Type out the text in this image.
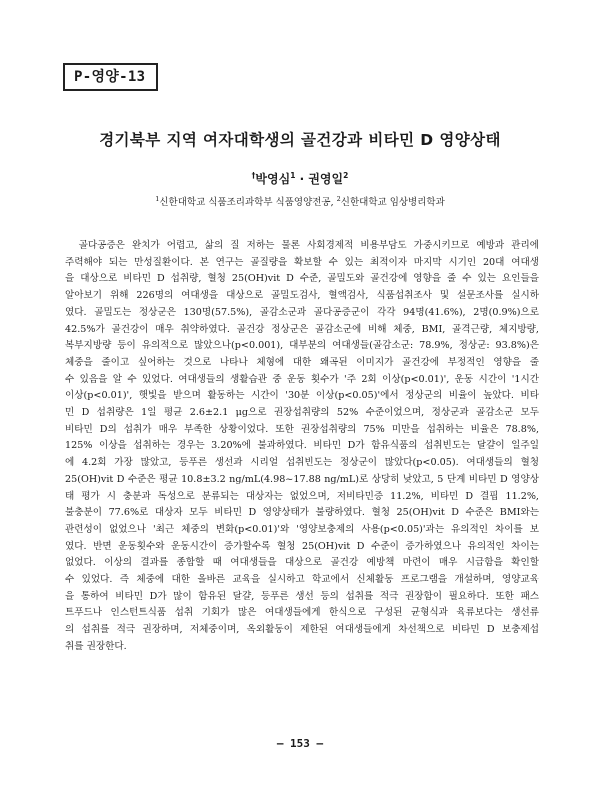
P-영양-13
경기북부 지역 여자대학생의 골건강과 비타민 D 영양상태
†박영심$^1$ · 권영일$^2$
$^1$신한대학교 식품조리과학부 식품영양전공, $^2$신한대학교 임상병리학과

　골다공증은 완치가 어렵고, 삶의 질 저하는 물론 사회경제적 비용부담도 가중시키므로 예방과 관리에
주력해야 되는 만성질환이다. 본 연구는 골질량을 확보할 수 있는 최적이자 마지막 시기인 20대 여대생
을 대상으로 비타민 D 섭취량, 혈청 25(OH)vit D 수준, 골밀도와 골건강에 영향을 줄 수 있는 요인들을
알아보기 위해 226명의 여대생을 대상으로 골밀도검사, 혈액검사, 식품섭취조사 및 설문조사를 실시하
였다. 골밀도는 정상군은 130명(57.5%), 골감소군과 골다공증군이 각각 94명(41.6%), 2명(0.9%)으로
42.5%가 골건강이 매우 취약하였다. 골건강 정상군은 골감소군에 비해 체중, BMI, 골격근량, 체지방량,
복부지방량 등이 유의적으로 많았으나(p<0.001), 대부분의 여대생들(골감소군: 78.9%, 정상군: 93.8%)은
체중을 줄이고 싶어하는 것으로 나타나 체형에 대한 왜곡된 이미지가 골건강에 부정적인 영향을 줄
수 있음을 알 수 있었다. 여대생들의 생활습관 중 운동 횟수가 '주 2회 이상(p<0.01)', 운동 시간이 '1시간
이상(p<0.01)', 햇빛을 받으며 활동하는 시간이 '30분 이상(p<0.05)'에서 정상군의 비율이 높았다. 비타
민 D 섭취량은 1일 평균 2.6±2.1 μg으로 권장섭취량의 52% 수준이었으며, 정상군과 골감소군 모두
비타민 D의 섭취가 매우 부족한 상황이었다. 또한 권장섭취량의 75% 미만을 섭취하는 비율은 78.8%,
125% 이상을 섭취하는 경우는 3.20%에 불과하였다. 비타민 D가 함유식품의 섭취빈도는 달걀이 일주일
에 4.2회 가장 많았고, 등푸른 생선과 시리얼 섭취빈도는 정상군이 많았다(p<0.05). 여대생들의 혈청
25(OH)vit D 수준은 평균 10.8±3.2 ng/mL(4.98~17.88 ng/mL)로 상당히 낮았고, 5 단계 비타민 D 영양상
태 평가 시 충분과 독성으로 분류되는 대상자는 없었으며, 저비타민증 11.2%, 비타민 D 결핍 11.2%,
불충분이 77.6%로 대상자 모두 비타민 D 영양상태가 불량하였다. 혈청 25(OH)vit D 수준은 BMI와는
관련성이 없었으나 '최근 체중의 변화(p<0.01)'와 '영양보충제의 사용(p<0.05)'과는 유의적인 차이를 보
였다. 반면 운동횟수와 운동시간이 증가할수록 혈청 25(OH)vit D 수준이 증가하였으나 유의적인 차이는
없었다. 이상의 결과를 종합할 때 여대생들을 대상으로 골건강 예방책 마련이 매우 시급함을 확인할
수 있었다. 즉 체중에 대한 올바른 교육을 실시하고 학교에서 신체활동 프로그램을 개설하며, 영양교육
을 통하여 비타민 D가 많이 함유된 달걀, 등푸른 생선 등의 섭취를 적극 권장함이 필요하다. 또한 패스
트푸드나 인스턴트식품 섭취 기회가 많은 여대생들에게 한식으로 구성된 균형식과 육류보다는 생선류
의 섭취를 적극 권장하며, 저체중이며, 옥외활동이 제한된 여대생들에게 차선책으로 비타민 D 보충제섭
취를 권장한다.

– 153 –
